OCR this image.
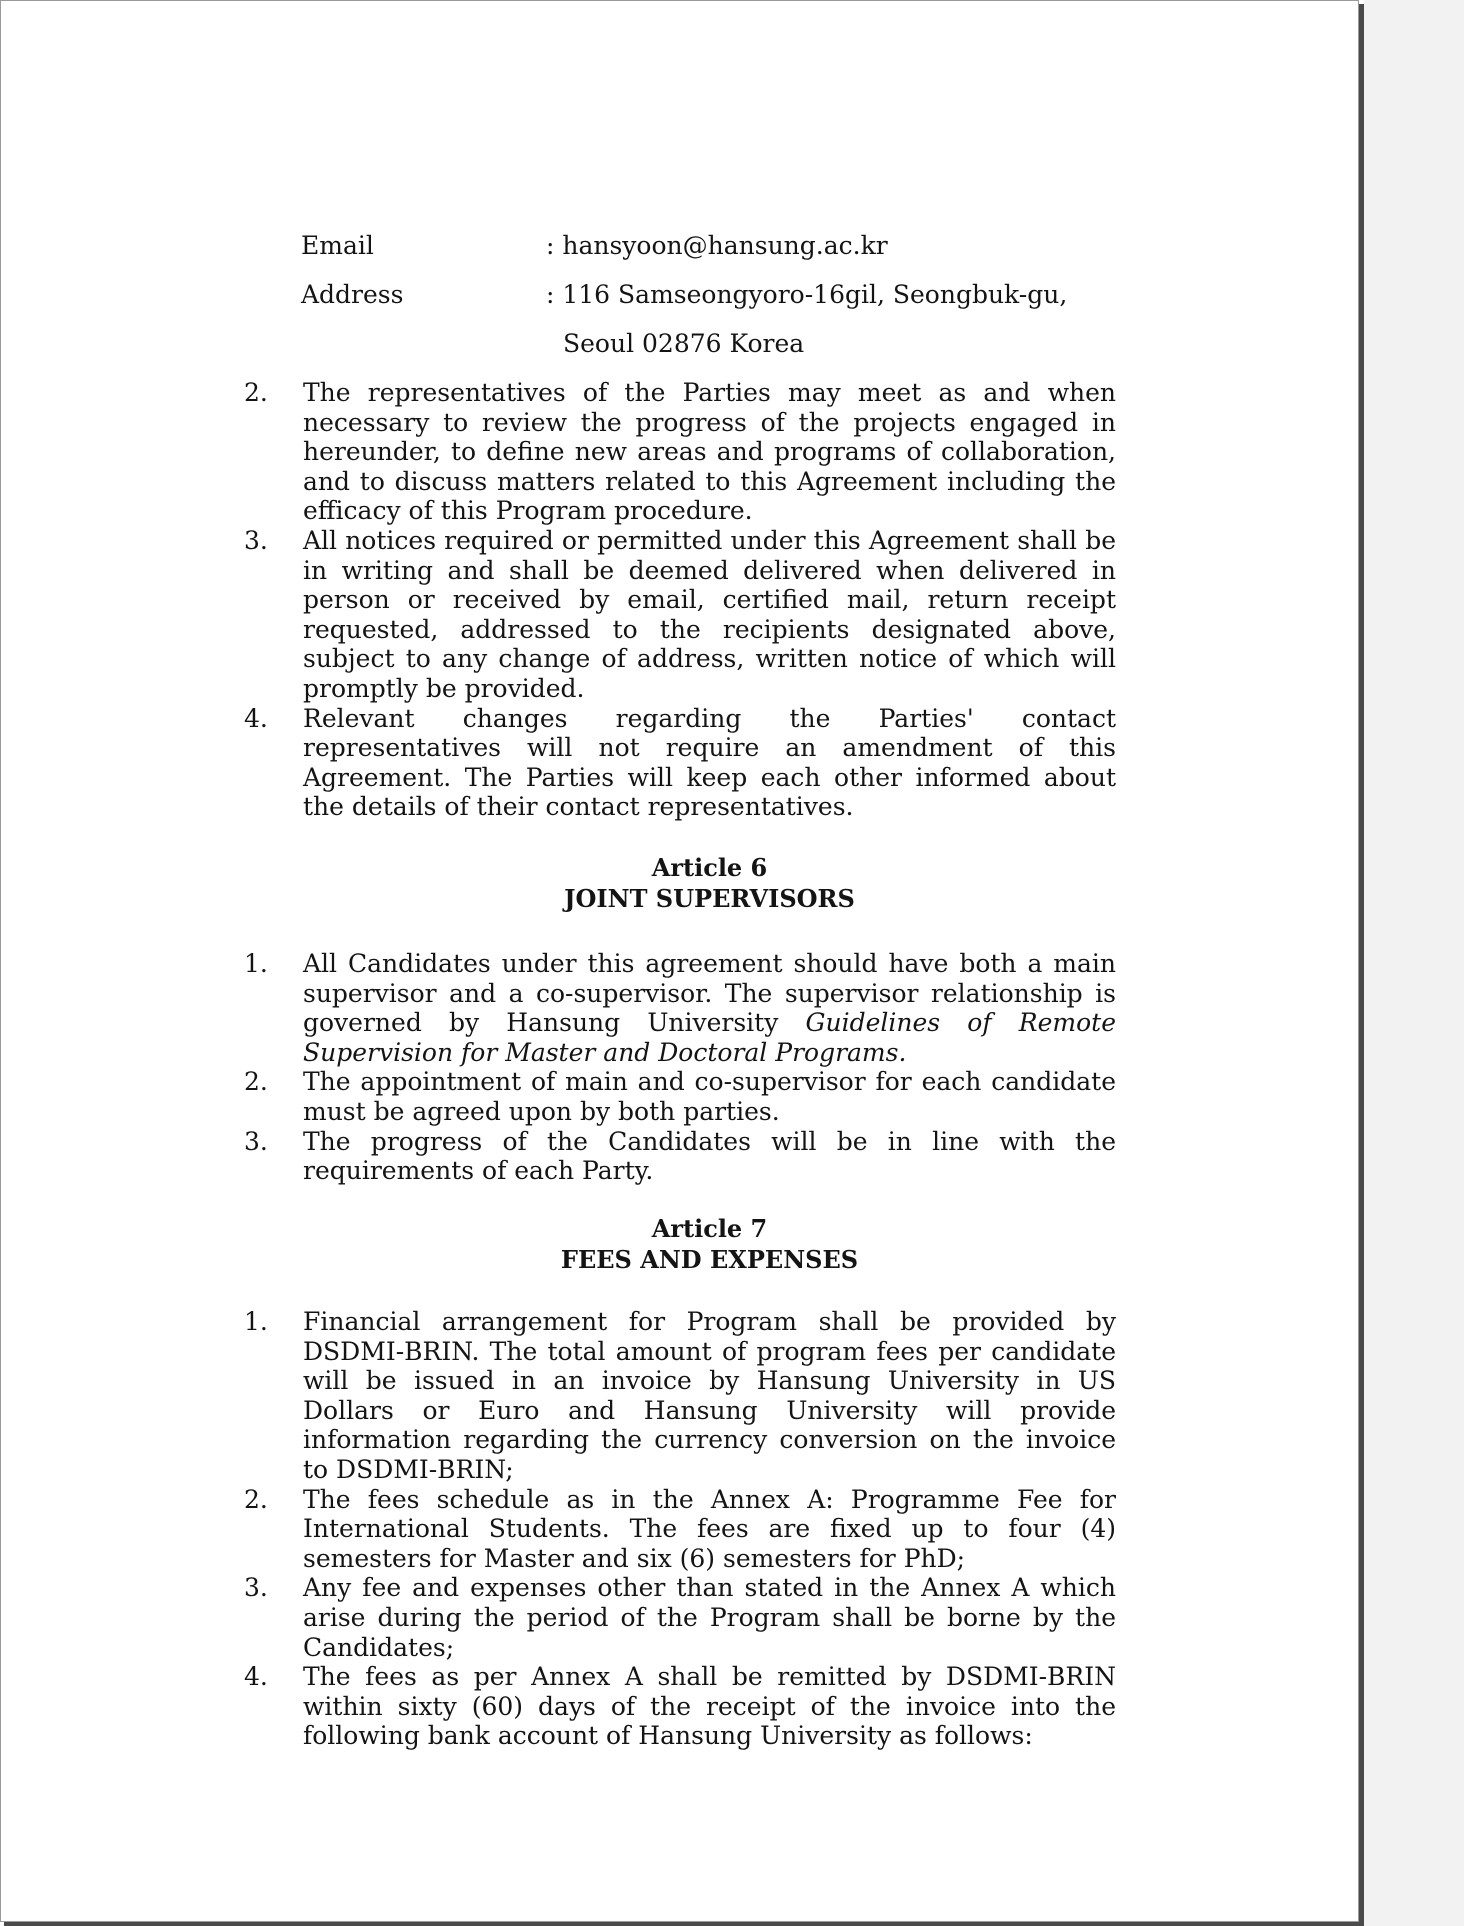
Email	: hansyoon@hansung.ac.kr
Address	: 116 Samseongyoro-16gil, Seongbuk-gu,
Seoul 02876 Korea
2. The representatives of the Parties may meet as and when necessary to review the progress of the projects engaged in hereunder, to define new areas and programs of collaboration, and to discuss matters related to this Agreement including the efficacy of this Program procedure.
3. All notices required or permitted under this Agreement shall be in writing and shall be deemed delivered when delivered in person or received by email, certified mail, return receipt requested, addressed to the recipients designated above, subject to any change of address, written notice of which will promptly be provided.
4. Relevant changes regarding the Parties' contact representatives will not require an amendment of this Agreement. The Parties will keep each other informed about the details of their contact representatives.
Article 6
JOINT SUPERVISORS
1. All Candidates under this agreement should have both a main supervisor and a co-supervisor. The supervisor relationship is governed by Hansung University Guidelines of Remote Supervision for Master and Doctoral Programs.
2. The appointment of main and co-supervisor for each candidate must be agreed upon by both parties.
3. The progress of the Candidates will be in line with the requirements of each Party.
Article 7
FEES AND EXPENSES
1. Financial arrangement for Program shall be provided by DSDMI-BRIN. The total amount of program fees per candidate will be issued in an invoice by Hansung University in US Dollars or Euro and Hansung University will provide information regarding the currency conversion on the invoice to DSDMI-BRIN;
2. The fees schedule as in the Annex A: Programme Fee for International Students. The fees are fixed up to four (4) semesters for Master and six (6) semesters for PhD;
3. Any fee and expenses other than stated in the Annex A which arise during the period of the Program shall be borne by the Candidates;
4. The fees as per Annex A shall be remitted by DSDMI-BRIN within sixty (60) days of the receipt of the invoice into the following bank account of Hansung University as follows:
